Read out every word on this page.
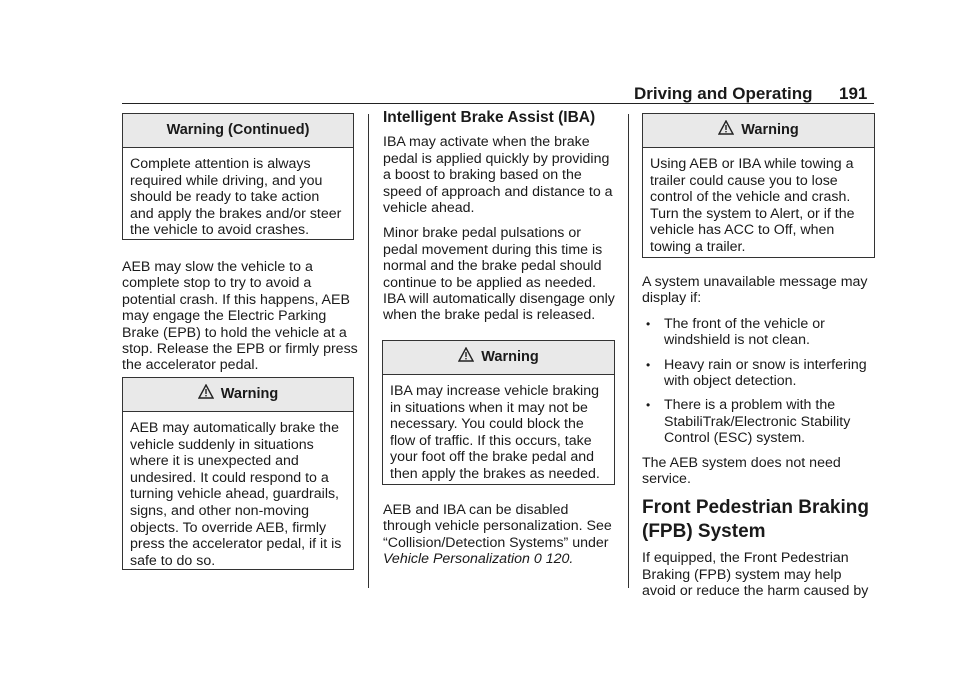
Driving and Operating 191
Warning (Continued)
Complete attention is always required while driving, and you should be ready to take action and apply the brakes and/or steer the vehicle to avoid crashes.

AEB may slow the vehicle to a complete stop to try to avoid a potential crash. If this happens, AEB may engage the Electric Parking Brake (EPB) to hold the vehicle at a stop. Release the EPB or firmly press the accelerator pedal.

Warning
AEB may automatically brake the vehicle suddenly in situations where it is unexpected and undesired. It could respond to a turning vehicle ahead, guardrails, signs, and other non-moving objects. To override AEB, firmly press the accelerator pedal, if it is safe to do so.
Intelligent Brake Assist (IBA)

IBA may activate when the brake pedal is applied quickly by providing a boost to braking based on the speed of approach and distance to a vehicle ahead.

Minor brake pedal pulsations or pedal movement during this time is normal and the brake pedal should continue to be applied as needed. IBA will automatically disengage only when the brake pedal is released.

Warning
IBA may increase vehicle braking in situations when it may not be necessary. You could block the flow of traffic. If this occurs, take your foot off the brake pedal and then apply the brakes as needed.

AEB and IBA can be disabled through vehicle personalization. See “Collision/Detection Systems” under Vehicle Personalization 0 120.

Warning
Using AEB or IBA while towing a trailer could cause you to lose control of the vehicle and crash. Turn the system to Alert, or if the vehicle has ACC to Off, when towing a trailer.

A system unavailable message may display if:

• The front of the vehicle or windshield is not clean.
• Heavy rain or snow is interfering with object detection.
• There is a problem with the StabiliTrak/Electronic Stability Control (ESC) system.

The AEB system does not need service.

Front Pedestrian Braking (FPB) System

If equipped, the Front Pedestrian Braking (FPB) system may help avoid or reduce the harm caused by
